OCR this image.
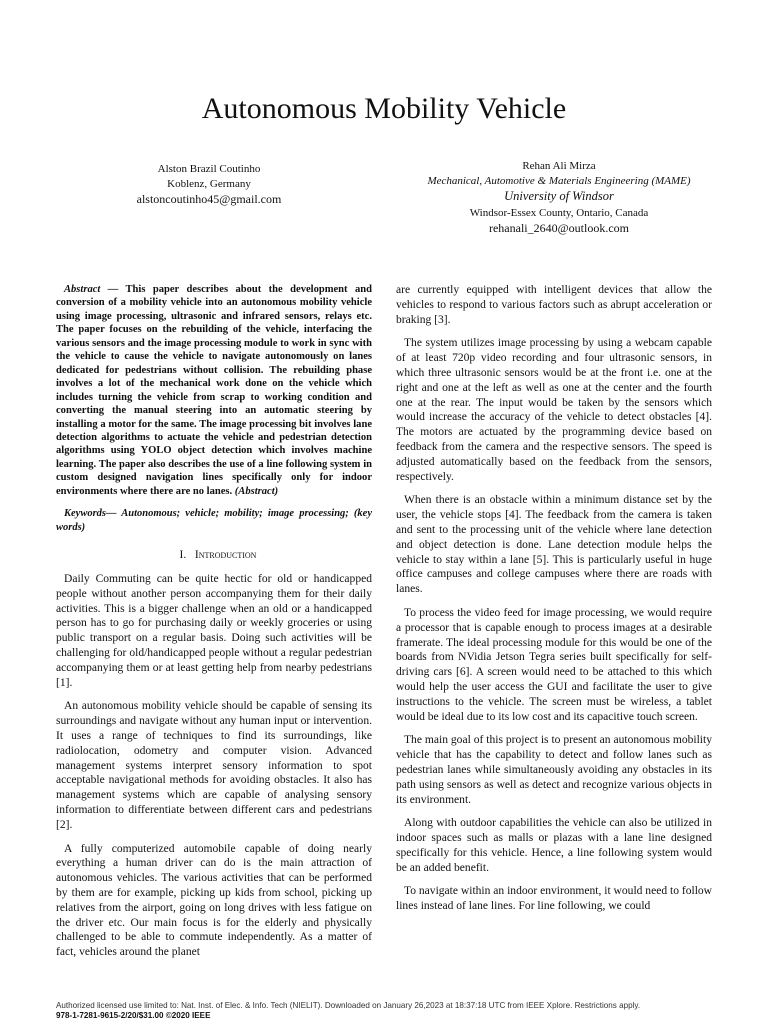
Autonomous Mobility Vehicle
Alston Brazil Coutinho
Koblenz, Germany
alstoncoutinho45@gmail.com
Rehan Ali Mirza
Mechanical, Automotive & Materials Engineering (MAME)
University of Windsor
Windsor-Essex County, Ontario, Canada
rehanali_2640@outlook.com

Abstract — This paper describes about the development and conversion of a mobility vehicle into an autonomous mobility vehicle using image processing, ultrasonic and infrared sensors, relays etc. The paper focuses on the rebuilding of the vehicle, interfacing the various sensors and the image processing module to work in sync with the vehicle to cause the vehicle to navigate autonomously on lanes dedicated for pedestrians without collision. The rebuilding phase involves a lot of the mechanical work done on the vehicle which includes turning the vehicle from scrap to working condition and converting the manual steering into an automatic steering by installing a motor for the same. The image processing bit involves lane detection algorithms to actuate the vehicle and pedestrian detection algorithms using YOLO object detection which involves machine learning. The paper also describes the use of a line following system in custom designed navigation lines specifically only for indoor environments where there are no lanes. (Abstract)

Keywords— Autonomous; vehicle; mobility; image processing; (key words)

I. Introduction

Daily Commuting can be quite hectic for old or handicapped people without another person accompanying them for their daily activities. This is a bigger challenge when an old or a handicapped person has to go for purchasing daily or weekly groceries or using public transport on a regular basis. Doing such activities will be challenging for old/handicapped people without a regular pedestrian accompanying them or at least getting help from nearby pedestrians [1].

An autonomous mobility vehicle should be capable of sensing its surroundings and navigate without any human input or intervention. It uses a range of techniques to find its surroundings, like radiolocation, odometry and computer vision. Advanced management systems interpret sensory information to spot acceptable navigational methods for avoiding obstacles. It also has management systems which are capable of analysing sensory information to differentiate between different cars and pedestrians [2].

A fully computerized automobile capable of doing nearly everything a human driver can do is the main attraction of autonomous vehicles. The various activities that can be performed by them are for example, picking up kids from school, picking up relatives from the airport, going on long drives with less fatigue on the driver etc. Our main focus is for the elderly and physically challenged to be able to commute independently. As a matter of fact, vehicles around the planet

are currently equipped with intelligent devices that allow the vehicles to respond to various factors such as abrupt acceleration or braking [3].

The system utilizes image processing by using a webcam capable of at least 720p video recording and four ultrasonic sensors, in which three ultrasonic sensors would be at the front i.e. one at the right and one at the left as well as one at the center and the fourth one at the rear. The input would be taken by the sensors which would increase the accuracy of the vehicle to detect obstacles [4]. The motors are actuated by the programming device based on feedback from the camera and the respective sensors. The speed is adjusted automatically based on the feedback from the sensors, respectively.

When there is an obstacle within a minimum distance set by the user, the vehicle stops [4]. The feedback from the camera is taken and sent to the processing unit of the vehicle where lane detection and object detection is done. Lane detection module helps the vehicle to stay within a lane [5]. This is particularly useful in huge office campuses and college campuses where there are roads with lanes.

To process the video feed for image processing, we would require a processor that is capable enough to process images at a desirable framerate. The ideal processing module for this would be one of the boards from NVidia Jetson Tegra series built specifically for self-driving cars [6]. A screen would need to be attached to this which would help the user access the GUI and facilitate the user to give instructions to the vehicle. The screen must be wireless, a tablet would be ideal due to its low cost and its capacitive touch screen.

The main goal of this project is to present an autonomous mobility vehicle that has the capability to detect and follow lanes such as pedestrian lanes while simultaneously avoiding any obstacles in its path using sensors as well as detect and recognize various objects in its environment.

Along with outdoor capabilities the vehicle can also be utilized in indoor spaces such as malls or plazas with a lane line designed specifically for this vehicle. Hence, a line following system would be an added benefit.

To navigate within an indoor environment, it would need to follow lines instead of lane lines. For line following, we could

Authorized licensed use limited to: Nat. Inst. of Elec. & Info. Tech (NIELIT). Downloaded on January 26,2023 at 18:37:18 UTC from IEEE Xplore. Restrictions apply.
978-1-7281-9615-2/20/$31.00 ©2020 IEEE
